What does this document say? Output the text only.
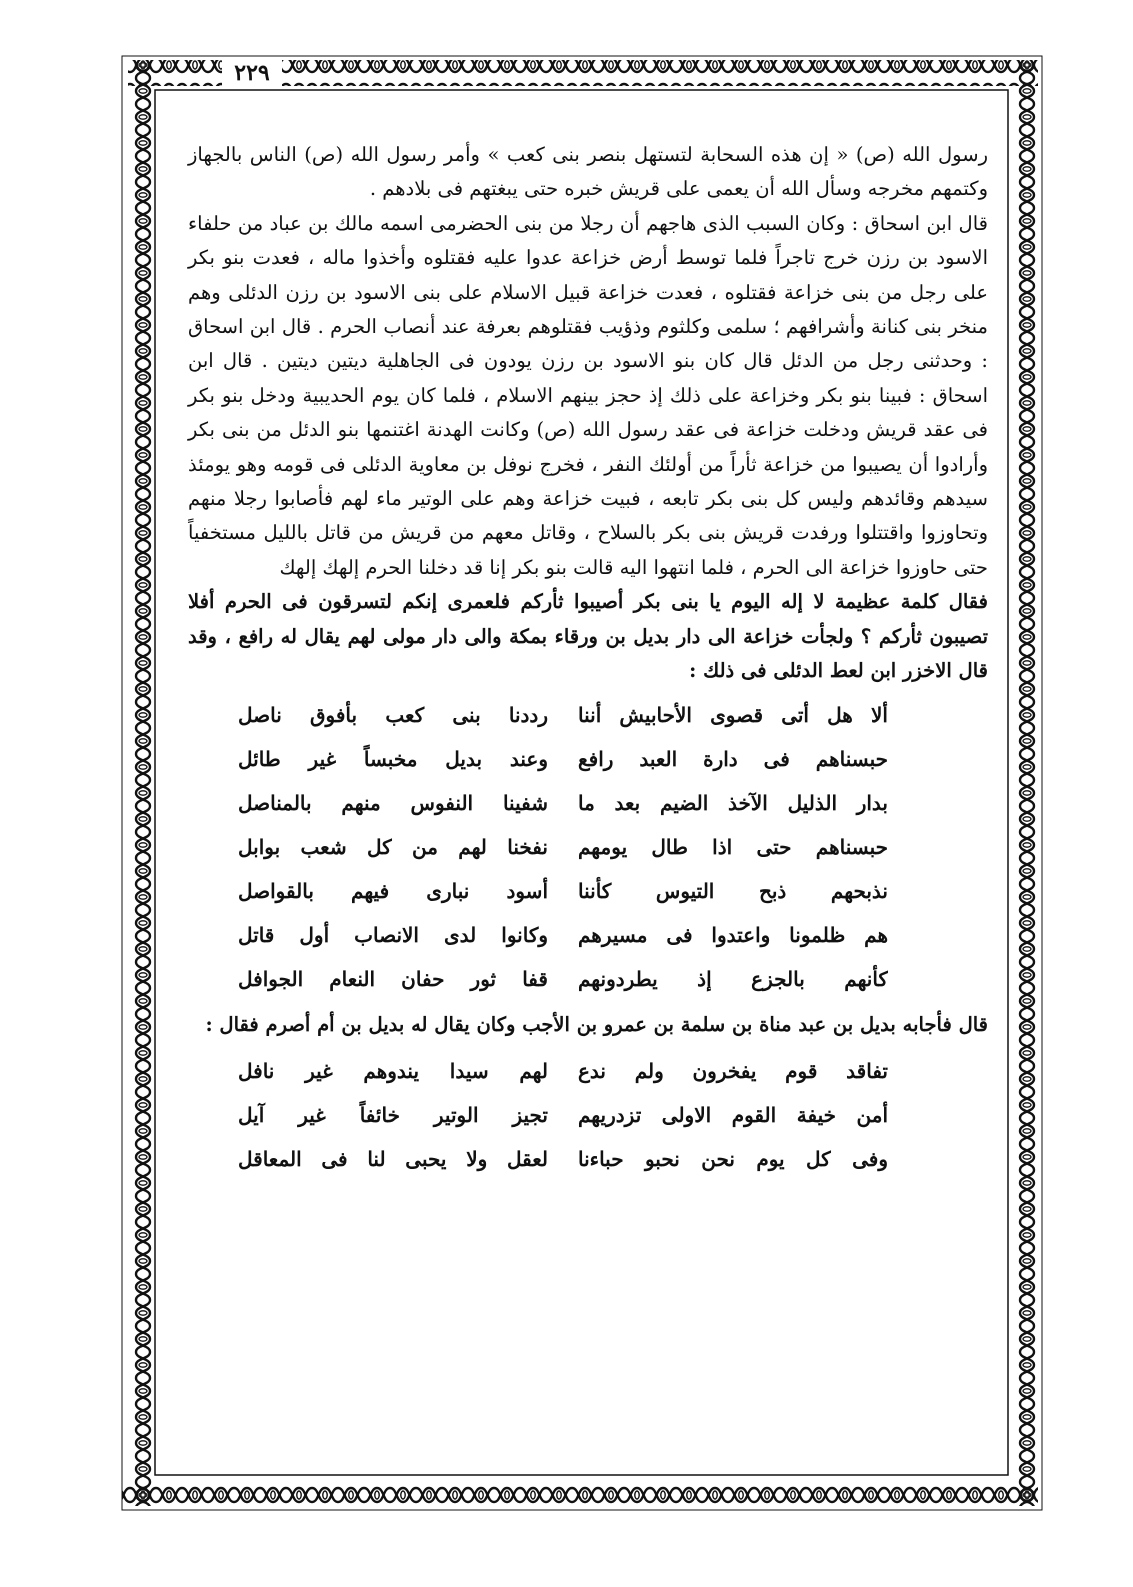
٢٢٩

رسول الله (ص) « إن هذه السحابة لتستهل بنصر بنى كعب » وأمر رسول الله (ص) الناس بالجهاز وكتمهم مخرجه وسأل الله أن يعمى على قريش خبره حتى يبغتهم فى بلادهم .

قال ابن اسحاق : وكان السبب الذى هاجهم أن رجلا من بنى الحضرمى اسمه مالك بن عباد من حلفاء الاسود بن رزن خرج تاجراً فلما توسط أرض خزاعة عدوا عليه فقتلوه وأخذوا ماله ، فعدت بنو بكر على رجل من بنى خزاعة فقتلوه ، فعدت خزاعة قبيل الاسلام على بنى الاسود بن رزن الدئلى وهم منخر بنى كنانة وأشرافهم ؛ سلمى وكلثوم وذؤيب فقتلوهم بعرفة عند أنصاب الحرم . قال ابن اسحاق : وحدثنى رجل من الدئل قال كان بنو الاسود بن رزن يودون فى الجاهلية ديتين ديتين . قال ابن اسحاق : فبينا بنو بكر وخزاعة على ذلك إذ حجز بينهم الاسلام ، فلما كان يوم الحديبية ودخل بنو بكر فى عقد قريش ودخلت خزاعة فى عقد رسول الله (ص) وكانت الهدنة اغتنمها بنو الدئل من بنى بكر وأرادوا أن يصيبوا من خزاعة ثأراً من أولئك النفر ، فخرج نوفل بن معاوية الدئلى فى قومه وهو يومئذ سيدهم وقائدهم وليس كل بنى بكر تابعه ، فبيت خزاعة وهم على الوتير ماء لهم فأصابوا رجلا منهم وتحاوزوا واقتتلوا ورفدت قريش بنى بكر بالسلاح ، وقاتل معهم من قريش من قاتل بالليل مستخفياً حتى حاوزوا خزاعة الى الحرم ، فلما انتهوا اليه قالت بنو بكر إنا قد دخلنا الحرم إلهك إلهك

فقال كلمة عظيمة لا إله اليوم يا بنى بكر أصيبوا ثأركم فلعمرى إنكم لتسرقون فى الحرم أفلا تصيبون ثأركم ؟ ولجأت خزاعة الى دار بديل بن ورقاء بمكة والى دار مولى لهم يقال له رافع ، وقد قال الاخزر ابن لعط الدئلى فى ذلك :

ألا هل أتى قصوى الأحابيش أننا
رددنا بنى كعب بأفوق ناصل
حبسناهم فى دارة العبد رافع
وعند بديل مخبساً غير طائل
بدار الذليل الآخذ الضيم بعد ما
شفينا النفوس منهم بالمناصل
حبسناهم حتى اذا طال يومهم
نفخنا لهم من كل شعب بوابل
نذبحهم ذبح التيوس كأننا
أسود نبارى فيهم بالقواصل
هم ظلمونا واعتدوا فى مسيرهم
وكانوا لدى الانصاب أول قاتل
كأنهم بالجزع إذ يطردونهم
قفا ثور حفان النعام الجوافل

قال فأجابه بديل بن عبد مناة بن سلمة بن عمرو بن الأجب وكان يقال له بديل بن أم أصرم فقال :

تفاقد قوم يفخرون ولم ندع
لهم سيدا يندوهم غير نافل
أمن خيفة القوم الاولى تزدريهم
تجيز الوتير خائفاً غير آيل
وفى كل يوم نحن نحبو حباءنا
لعقل ولا يحبى لنا فى المعاقل
